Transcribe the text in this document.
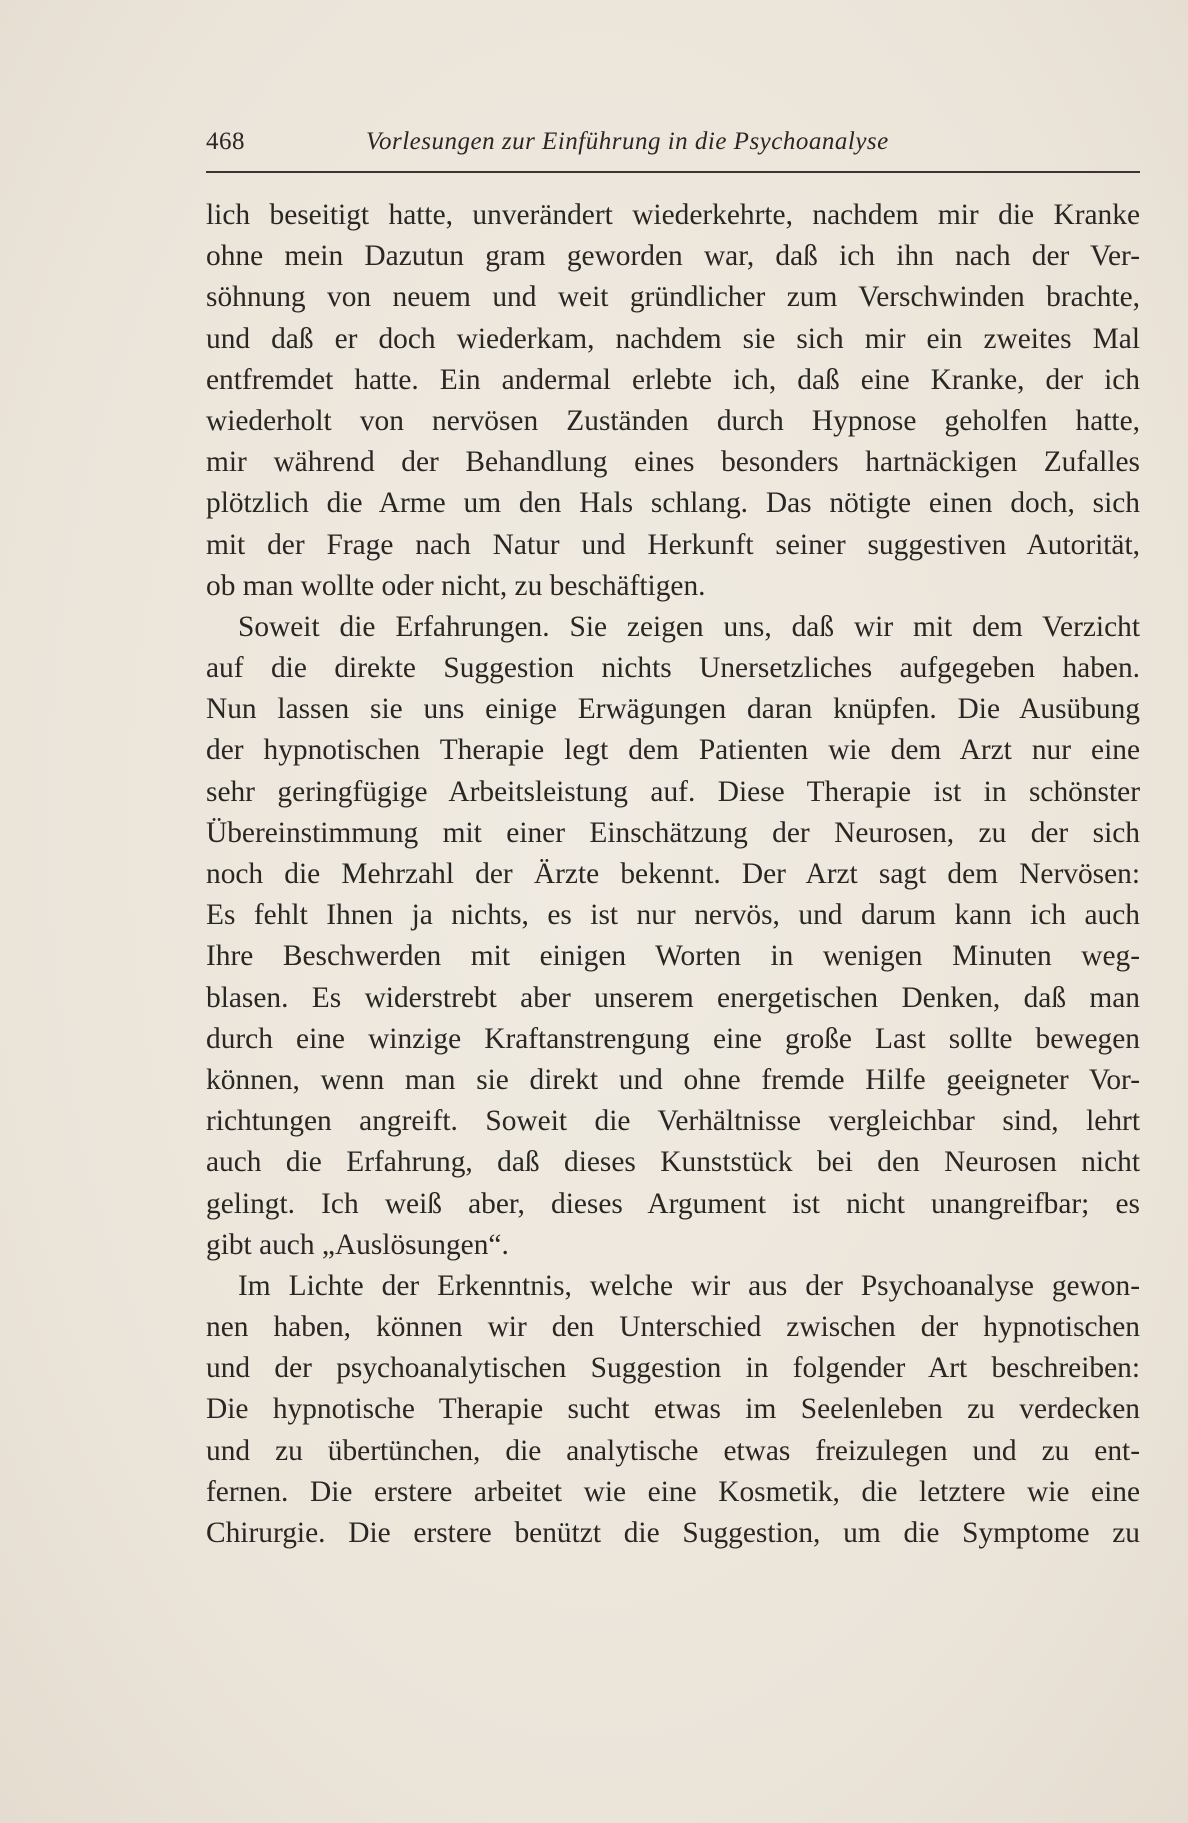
468	Vorlesungen zur Einführung in die Psychoanalyse
lich beseitigt hatte, unverändert wiederkehrte, nachdem mir die Kranke
ohne mein Dazutun gram geworden war, daß ich ihn nach der Ver-
söhnung von neuem und weit gründlicher zum Verschwinden brachte,
und daß er doch wiederkam, nachdem sie sich mir ein zweites Mal
entfremdet hatte. Ein andermal erlebte ich, daß eine Kranke, der ich
wiederholt von nervösen Zuständen durch Hypnose geholfen hatte,
mir während der Behandlung eines besonders hartnäckigen Zufalles
plötzlich die Arme um den Hals schlang. Das nötigte einen doch, sich
mit der Frage nach Natur und Herkunft seiner suggestiven Autorität,
ob man wollte oder nicht, zu beschäftigen.
Soweit die Erfahrungen. Sie zeigen uns, daß wir mit dem Verzicht
auf die direkte Suggestion nichts Unersetzliches aufgegeben haben.
Nun lassen sie uns einige Erwägungen daran knüpfen. Die Ausübung
der hypnotischen Therapie legt dem Patienten wie dem Arzt nur eine
sehr geringfügige Arbeitsleistung auf. Diese Therapie ist in schönster
Übereinstimmung mit einer Einschätzung der Neurosen, zu der sich
noch die Mehrzahl der Ärzte bekennt. Der Arzt sagt dem Nervösen:
Es fehlt Ihnen ja nichts, es ist nur nervös, und darum kann ich auch
Ihre Beschwerden mit einigen Worten in wenigen Minuten weg-
blasen. Es widerstrebt aber unserem energetischen Denken, daß man
durch eine winzige Kraftanstrengung eine große Last sollte bewegen
können, wenn man sie direkt und ohne fremde Hilfe geeigneter Vor-
richtungen angreift. Soweit die Verhältnisse vergleichbar sind, lehrt
auch die Erfahrung, daß dieses Kunststück bei den Neurosen nicht
gelingt. Ich weiß aber, dieses Argument ist nicht unangreifbar; es
gibt auch „Auslösungen“.
Im Lichte der Erkenntnis, welche wir aus der Psychoanalyse gewon-
nen haben, können wir den Unterschied zwischen der hypnotischen
und der psychoanalytischen Suggestion in folgender Art beschreiben:
Die hypnotische Therapie sucht etwas im Seelenleben zu verdecken
und zu übertünchen, die analytische etwas freizulegen und zu ent-
fernen. Die erstere arbeitet wie eine Kosmetik, die letztere wie eine
Chirurgie. Die erstere benützt die Suggestion, um die Symptome zu
